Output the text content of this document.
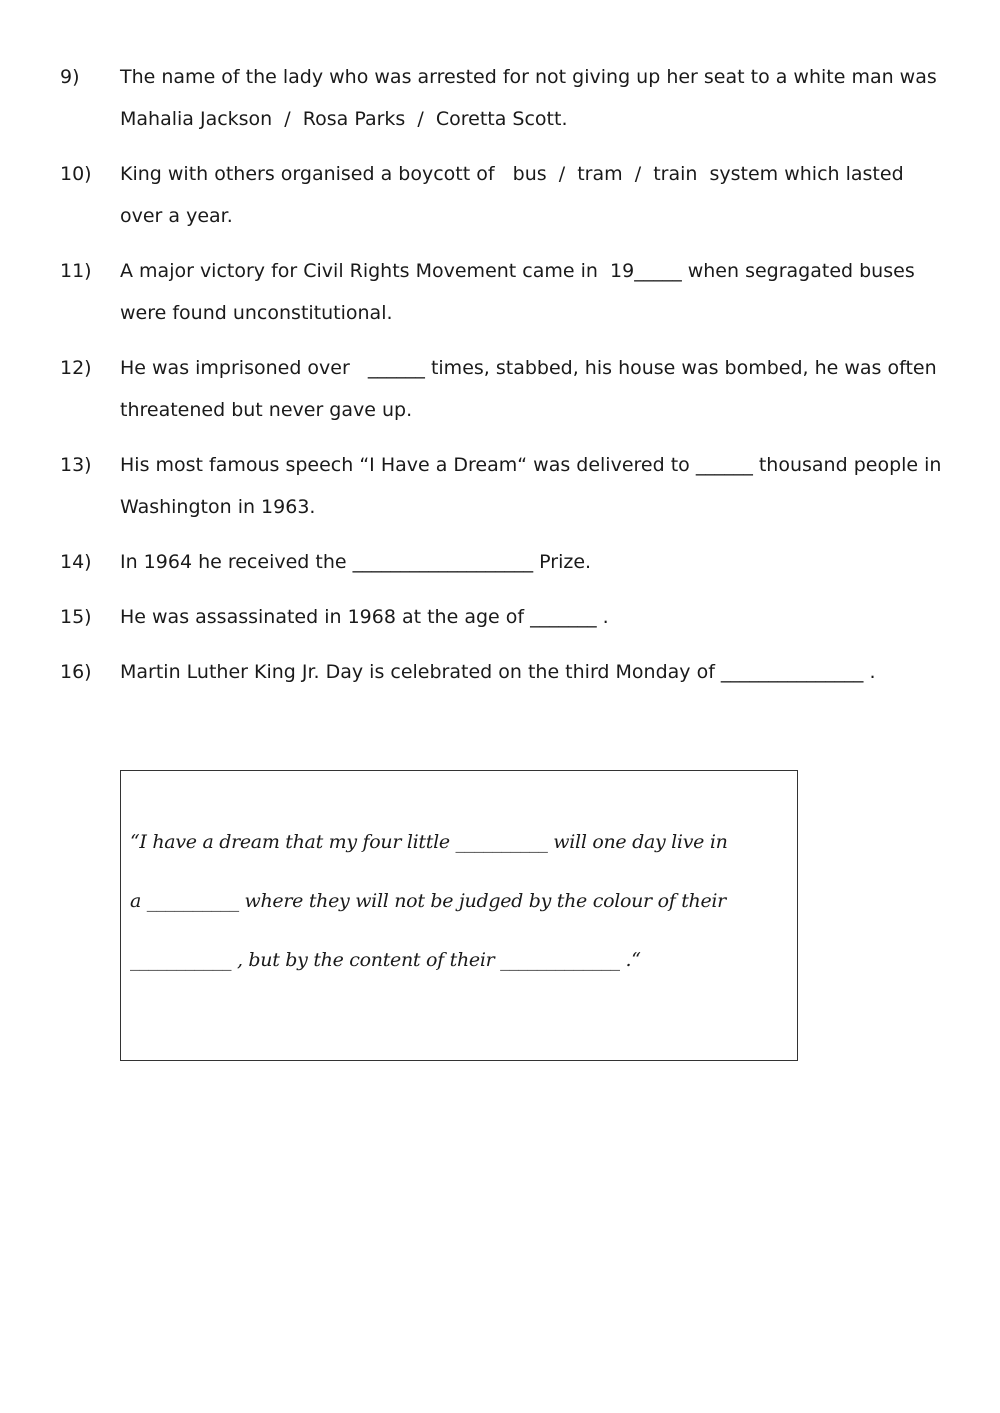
9)	The name of the lady who was arrested for not giving up her seat to a white man was
Mahalia Jackson  /  Rosa Parks  /  Coretta Scott.
10)	King with others organised a boycott of   bus  /  tram  /  train  system which lasted
over a year.
11)	A major victory for Civil Rights Movement came in  19_____ when segragated buses
were found unconstitutional.
12)	He was imprisoned over   ______ times, stabbed, his house was bombed, he was often
threatened but never gave up.
13)	His most famous speech “I Have a Dream“ was delivered to ______ thousand people in
Washington in 1963.
14)	In 1964 he received the ___________________ Prize.
15)	He was assassinated in 1968 at the age of _______ .
16)	Martin Luther King Jr. Day is celebrated on the third Monday of _______________ .
“I have a dream that my four little __________ will one day live in
a __________ where they will not be judged by the colour of their
___________ , but by the content of their _____________ .“
